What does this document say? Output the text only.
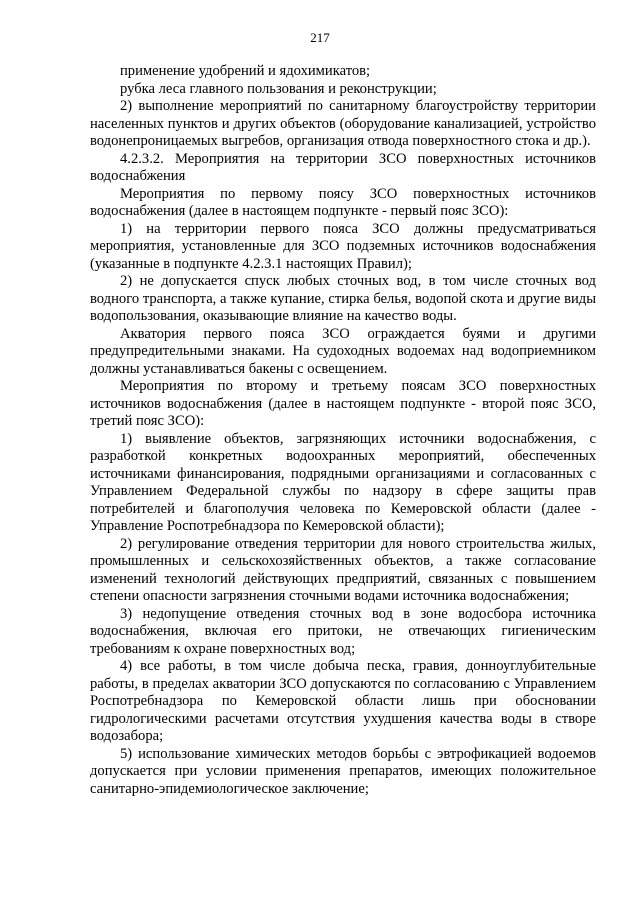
217

применение удобрений и ядохимикатов;

рубка леса главного пользования и реконструкции;

2) выполнение мероприятий по санитарному благоустройству территории населенных пунктов и других объектов (оборудование канализацией, устройство водонепроницаемых выгребов, организация отвода поверхностного стока и др.).

4.2.3.2. Мероприятия на территории ЗСО поверхностных источников водоснабжения

Мероприятия по первому поясу ЗСО поверхностных источников водоснабжения (далее в настоящем подпункте - первый пояс ЗСО):

1) на территории первого пояса ЗСО должны предусматриваться мероприятия, установленные для ЗСО подземных источников водоснабжения (указанные в подпункте 4.2.3.1 настоящих Правил);

2) не допускается спуск любых сточных вод, в том числе сточных вод водного транспорта, а также купание, стирка белья, водопой скота и другие виды водопользования, оказывающие влияние на качество воды.

Акватория первого пояса ЗСО ограждается буями и другими предупредительными знаками. На судоходных водоемах над водоприемником должны устанавливаться бакены с освещением.

Мероприятия по второму и третьему поясам ЗСО поверхностных источников водоснабжения (далее в настоящем подпункте - второй пояс ЗСО, третий пояс ЗСО):

1) выявление объектов, загрязняющих источники водоснабжения, с разработкой конкретных водоохранных мероприятий, обеспеченных источниками финансирования, подрядными организациями и согласованных с Управлением Федеральной службы по надзору в сфере защиты прав потребителей и благополучия человека по Кемеровской области (далее - Управление Роспотребнадзора по Кемеровской области);

2) регулирование отведения территории для нового строительства жилых, промышленных и сельскохозяйственных объектов, а также согласование изменений технологий действующих предприятий, связанных с повышением степени опасности загрязнения сточными водами источника водоснабжения;

3) недопущение отведения сточных вод в зоне водосбора источника водоснабжения, включая его притоки, не отвечающих гигиеническим требованиям к охране поверхностных вод;

4) все работы, в том числе добыча песка, гравия, донноуглубительные работы, в пределах акватории ЗСО допускаются по согласованию с Управлением Роспотребнадзора по Кемеровской области лишь при обосновании гидрологическими расчетами отсутствия ухудшения качества воды в створе водозабора;

5) использование химических методов борьбы с эвтрофикацией водоемов допускается при условии применения препаратов, имеющих положительное санитарно-эпидемиологическое заключение;
